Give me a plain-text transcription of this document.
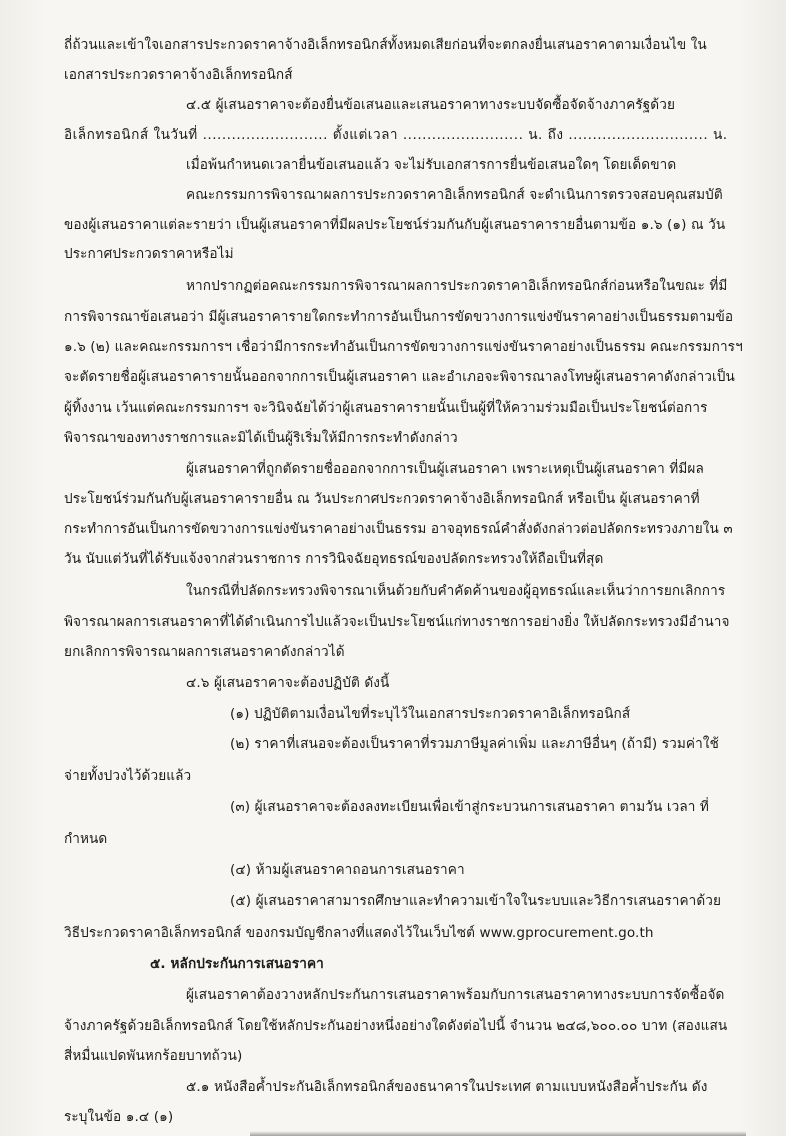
ถี่ถ้วนและเข้าใจเอกสารประกวดราคาจ้างอิเล็กทรอนิกส์ทั้งหมดเสียก่อนที่จะตกลงยื่นเสนอราคาตามเงื่อนไข ใน
เอกสารประกวดราคาจ้างอิเล็กทรอนิกส์
๔.๕ ผู้เสนอราคาจะต้องยื่นข้อเสนอและเสนอราคาทางระบบจัดซื้อจัดจ้างภาครัฐด้วย
อิเล็กทรอนิกส์ ในวันที่ .......................... ตั้งแต่เวลา ......................... น. ถึง ............................. น.
เมื่อพ้นกำหนดเวลายื่นข้อเสนอแล้ว จะไม่รับเอกสารการยื่นข้อเสนอใดๆ โดยเด็ดขาด
คณะกรรมการพิจารณาผลการประกวดราคาอิเล็กทรอนิกส์ จะดำเนินการตรวจสอบคุณสมบัติ
ของผู้เสนอราคาแต่ละรายว่า เป็นผู้เสนอราคาที่มีผลประโยชน์ร่วมกันกับผู้เสนอราคารายอื่นตามข้อ ๑.๖ (๑) ณ วัน
ประกาศประกวดราคาหรือไม่
หากปรากฏต่อคณะกรรมการพิจารณาผลการประกวดราคาอิเล็กทรอนิกส์ก่อนหรือในขณะ ที่มี
การพิจารณาข้อเสนอว่า มีผู้เสนอราคารายใดกระทำการอันเป็นการขัดขวางการแข่งขันราคาอย่างเป็นธรรมตามข้อ
๑.๖ (๒) และคณะกรรมการฯ เชื่อว่ามีการกระทำอันเป็นการขัดขวางการแข่งขันราคาอย่างเป็นธรรม คณะกรรมการฯ
จะตัดรายชื่อผู้เสนอราคารายนั้นออกจากการเป็นผู้เสนอราคา และอำเภอจะพิจารณาลงโทษผู้เสนอราคาดังกล่าวเป็น
ผู้ทิ้งงาน เว้นแต่คณะกรรมการฯ จะวินิจฉัยได้ว่าผู้เสนอราคารายนั้นเป็นผู้ที่ให้ความร่วมมือเป็นประโยชน์ต่อการ
พิจารณาของทางราชการและมิได้เป็นผู้ริเริ่มให้มีการกระทำดังกล่าว
ผู้เสนอราคาที่ถูกตัดรายชื่อออกจากการเป็นผู้เสนอราคา เพราะเหตุเป็นผู้เสนอราคา ที่มีผล
ประโยชน์ร่วมกันกับผู้เสนอราคารายอื่น ณ วันประกาศประกวดราคาจ้างอิเล็กทรอนิกส์ หรือเป็น ผู้เสนอราคาที่
กระทำการอันเป็นการขัดขวางการแข่งขันราคาอย่างเป็นธรรม อาจอุทธรณ์คำสั่งดังกล่าวต่อปลัดกระทรวงภายใน ๓
วัน นับแต่วันที่ได้รับแจ้งจากส่วนราชการ การวินิจฉัยอุทธรณ์ของปลัดกระทรวงให้ถือเป็นที่สุด
ในกรณีที่ปลัดกระทรวงพิจารณาเห็นด้วยกับคำคัดค้านของผู้อุทธรณ์และเห็นว่าการยกเลิกการ
พิจารณาผลการเสนอราคาที่ได้ดำเนินการไปแล้วจะเป็นประโยชน์แก่ทางราชการอย่างยิ่ง ให้ปลัดกระทรวงมีอำนาจ
ยกเลิกการพิจารณาผลการเสนอราคาดังกล่าวได้
๔.๖ ผู้เสนอราคาจะต้องปฏิบัติ ดังนี้
(๑) ปฏิบัติตามเงื่อนไขที่ระบุไว้ในเอกสารประกวดราคาอิเล็กทรอนิกส์
(๒) ราคาที่เสนอจะต้องเป็นราคาที่รวมภาษีมูลค่าเพิ่ม และภาษีอื่นๆ (ถ้ามี) รวมค่าใช้
จ่ายทั้งปวงไว้ด้วยแล้ว
(๓) ผู้เสนอราคาจะต้องลงทะเบียนเพื่อเข้าสู่กระบวนการเสนอราคา ตามวัน เวลา ที่
กำหนด
(๔) ห้ามผู้เสนอราคาถอนการเสนอราคา
(๕) ผู้เสนอราคาสามารถศึกษาและทำความเข้าใจในระบบและวิธีการเสนอราคาด้วย
วิธีประกวดราคาอิเล็กทรอนิกส์ ของกรมบัญชีกลางที่แสดงไว้ในเว็บไซต์ www.gprocurement.go.th
๕. หลักประกันการเสนอราคา
ผู้เสนอราคาต้องวางหลักประกันการเสนอราคาพร้อมกับการเสนอราคาทางระบบการจัดซื้อจัด
จ้างภาครัฐด้วยอิเล็กทรอนิกส์ โดยใช้หลักประกันอย่างหนึ่งอย่างใดดังต่อไปนี้ จำนวน ๒๔๘,๖๐๐.๐๐ บาท (สองแสน
สี่หมื่นแปดพันหกร้อยบาทถ้วน)
๕.๑ หนังสือค้ำประกันอิเล็กทรอนิกส์ของธนาคารในประเทศ ตามแบบหนังสือค้ำประกัน ดัง
ระบุในข้อ ๑.๔ (๑)
